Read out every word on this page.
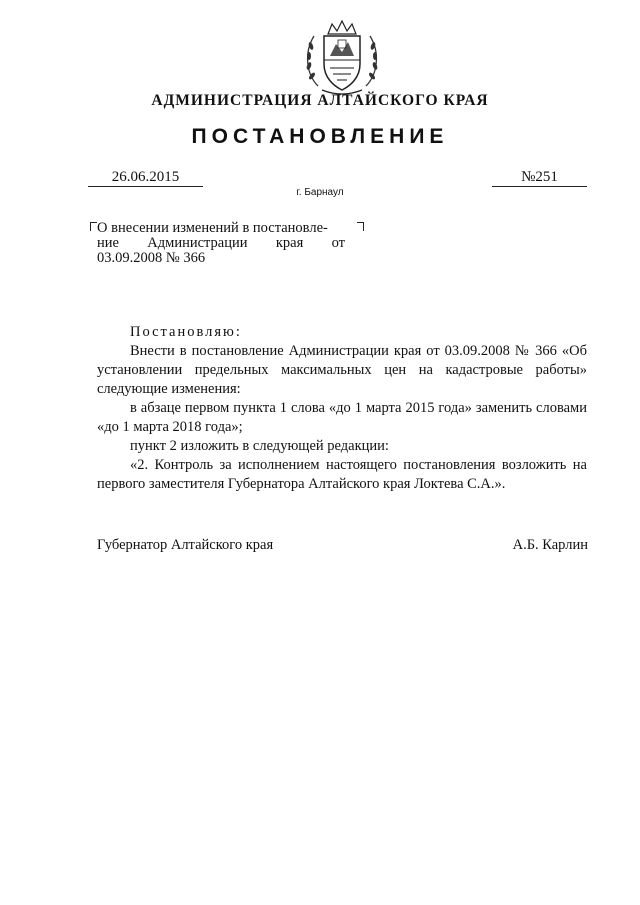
АДМИНИСТРАЦИЯ АЛТАЙСКОГО КРАЯ
ПОСТАНОВЛЕНИЕ
26.06.2015	№251
г. Барнаул
О внесении изменений в постановле-
ние Администрации края от
03.09.2008 № 366

Постановляю:

Внести в постановление Администрации края от 03.09.2008 № 366 «Об установлении предельных максимальных цен на кадастровые работы» следующие изменения:

в абзаце первом пункта 1 слова «до 1 марта 2015 года» заменить словами «до 1 марта 2018 года»;

пункт 2 изложить в следующей редакции:

«2. Контроль за исполнением настоящего постановления возложить на первого заместителя Губернатора Алтайского края Локтева С.А.».

Губернатор Алтайского края	А.Б. Карлин
